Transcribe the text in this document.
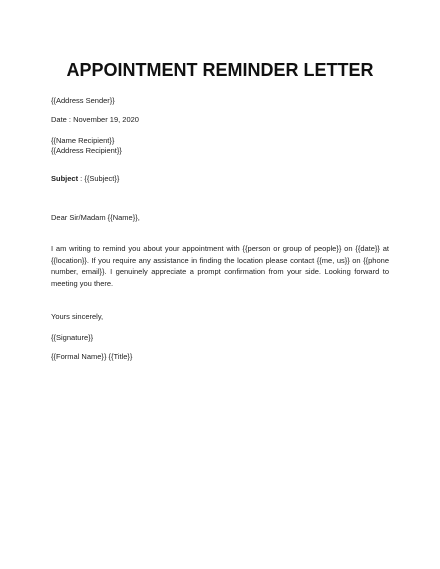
APPOINTMENT REMINDER LETTER

{{Address Sender}}

Date : November 19, 2020

{{Name Recipient}}

{{Address Recipient}}

Subject : {{Subject}}

Dear Sir/Madam {{Name}},

I am writing to remind you about your appointment with {{person or group of people}} on {{date}} at {{location}}. If you require any assistance in finding the location please contact {{me, us}} on {{phone number, email}}. I genuinely appreciate a prompt confirmation from your side. Looking forward to meeting you there.

Yours sincerely,

{{Signature}}

{{Formal Name}} {{Title}}
